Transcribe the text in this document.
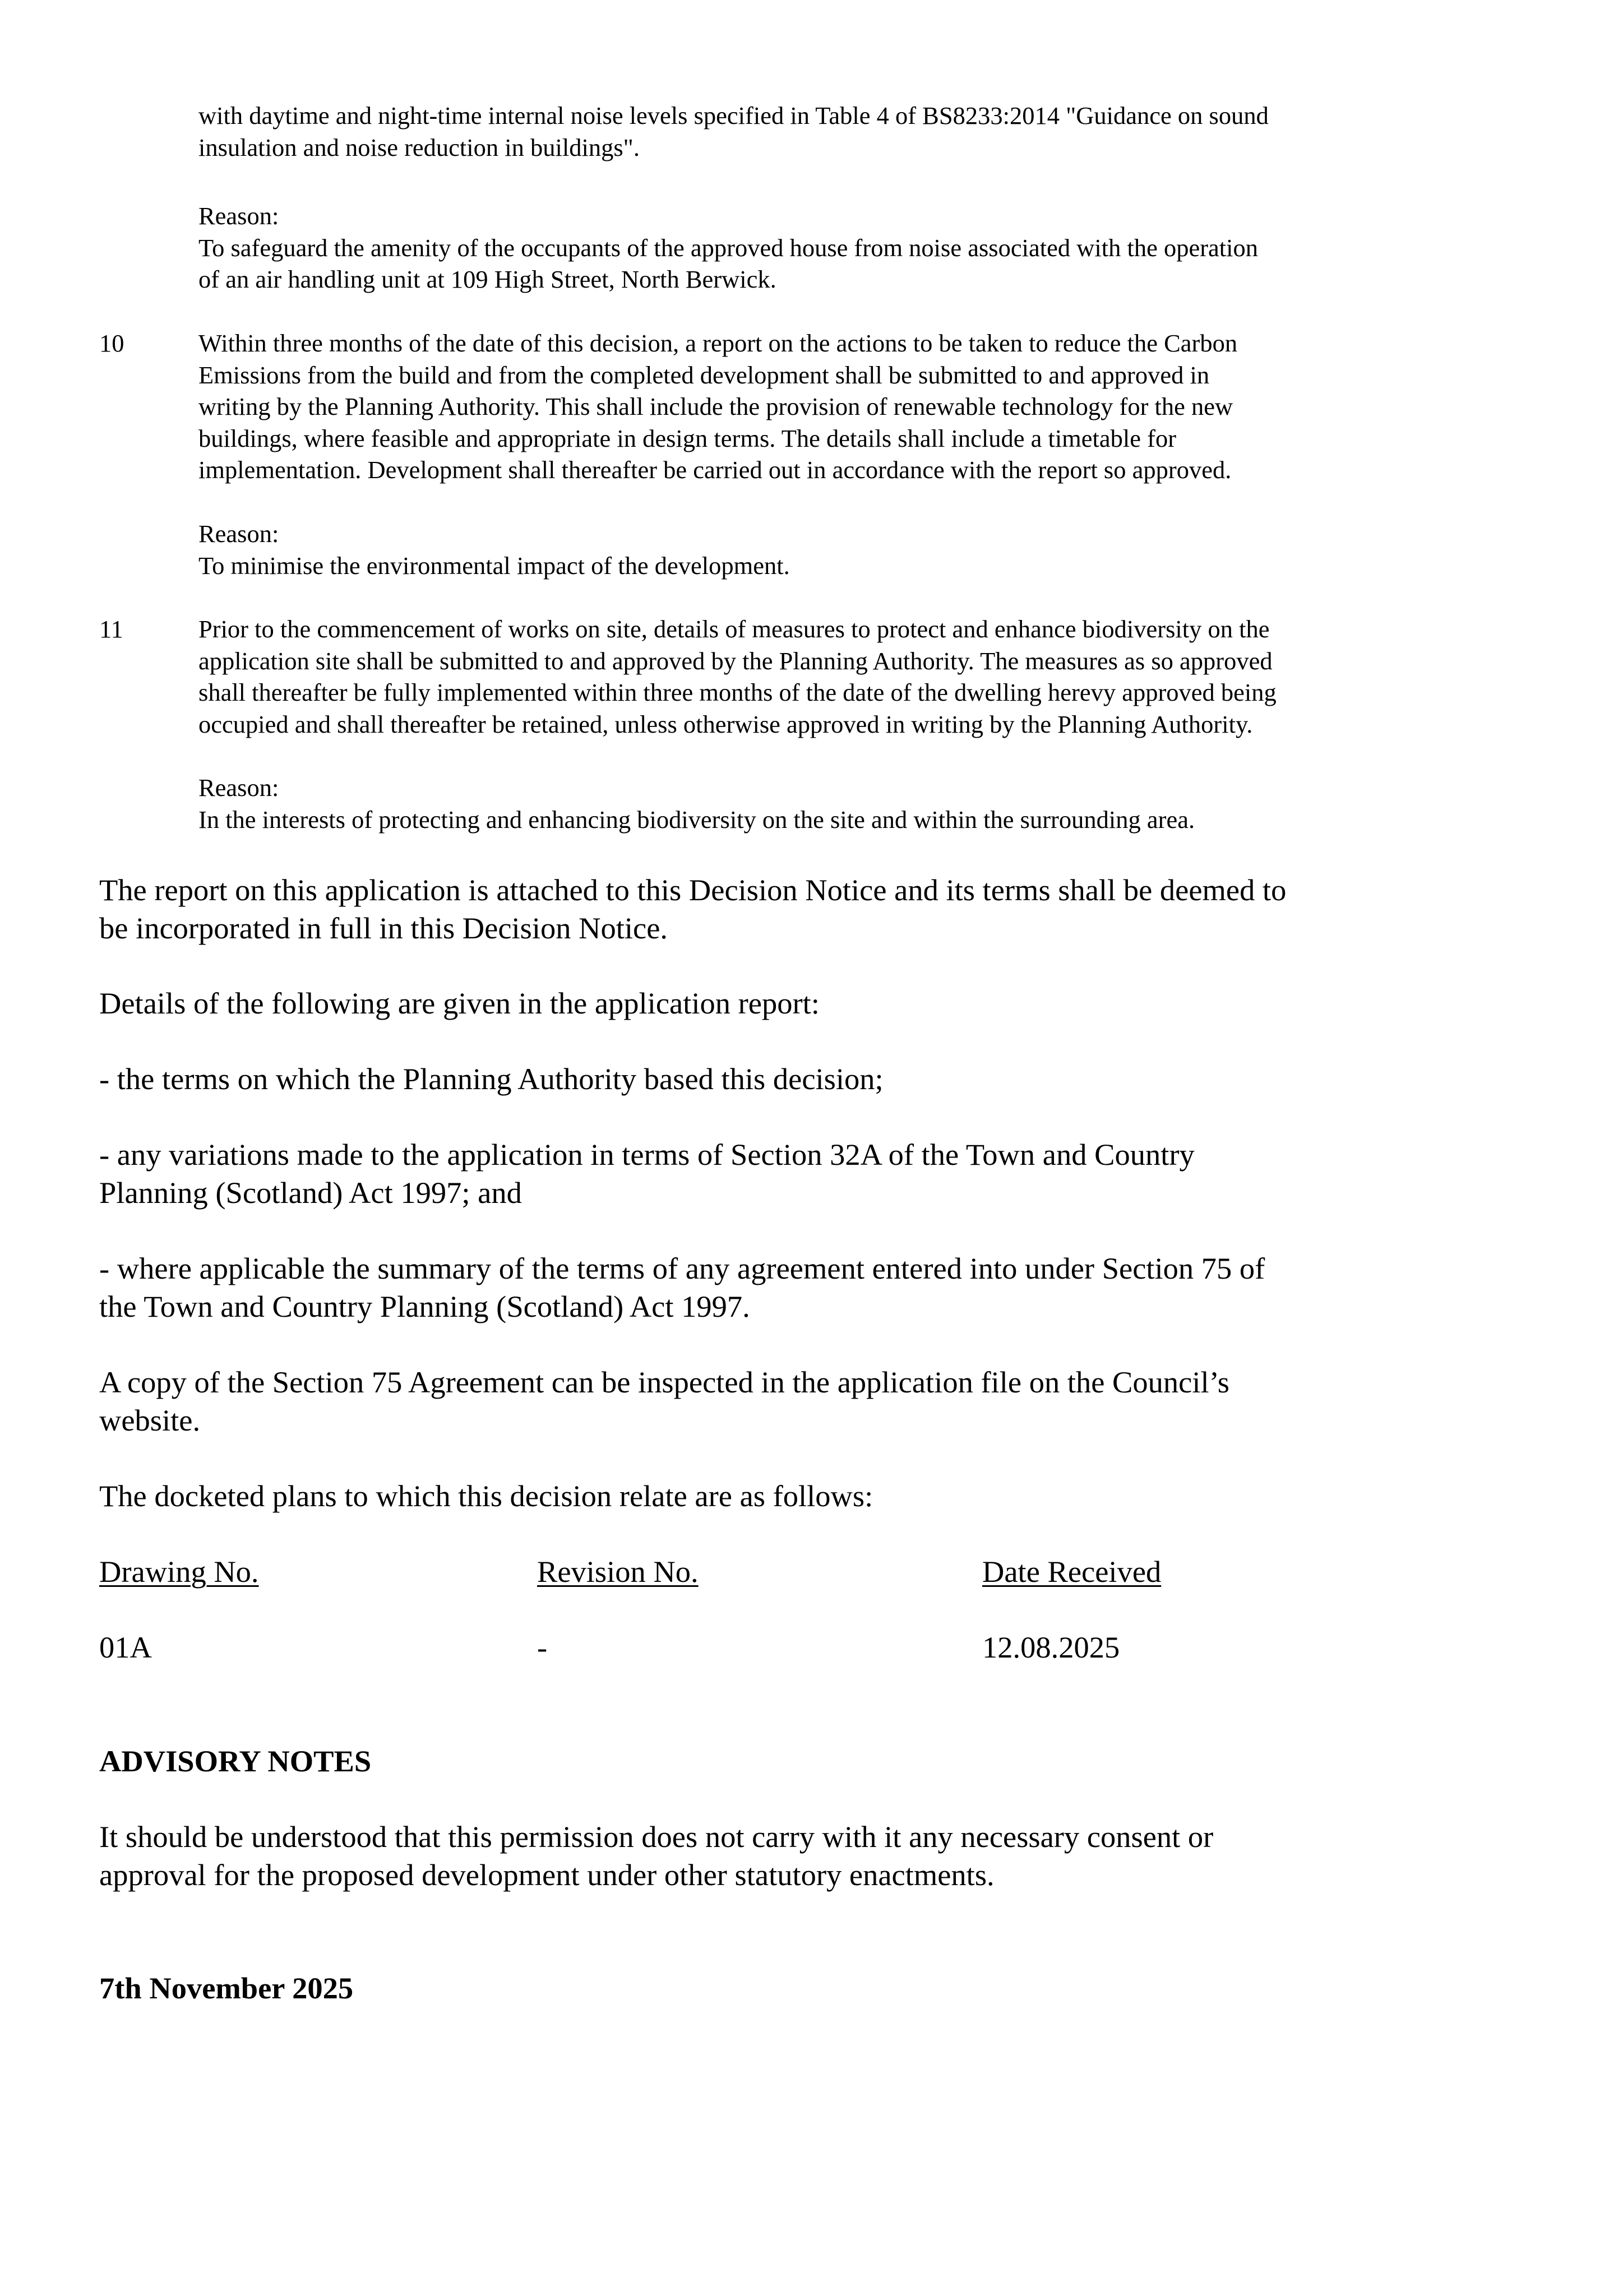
with daytime and night-time internal noise levels specified in Table 4 of BS8233:2014 "Guidance on sound
insulation and noise reduction in buildings".

Reason:
To safeguard the amenity of the occupants of the approved house from noise associated with the operation
of an air handling unit at 109 High Street, North Berwick.

10	Within three months of the date of this decision, a report on the actions to be taken to reduce the Carbon
Emissions from the build and from the completed development shall be submitted to and approved in
writing by the Planning Authority. This shall include the provision of renewable technology for the new
buildings, where feasible and appropriate in design terms. The details shall include a timetable for
implementation. Development shall thereafter be carried out in accordance with the report so approved.

Reason:
To minimise the environmental impact of the development.

11	Prior to the commencement of works on site, details of measures to protect and enhance biodiversity on the
application site shall be submitted to and approved by the Planning Authority. The measures as so approved
shall thereafter be fully implemented within three months of the date of the dwelling herevy approved being
occupied and shall thereafter be retained, unless otherwise approved in writing by the Planning Authority.

Reason:
In the interests of protecting and enhancing biodiversity on the site and within the surrounding area.

The report on this application is attached to this Decision Notice and its terms shall be deemed to
be incorporated in full in this Decision Notice.

Details of the following are given in the application report:

- the terms on which the Planning Authority based this decision;

- any variations made to the application in terms of Section 32A of the Town and Country
Planning (Scotland) Act 1997; and

- where applicable the summary of the terms of any agreement entered into under Section 75 of
the Town and Country Planning (Scotland) Act 1997.

A copy of the Section 75 Agreement can be inspected in the application file on the Council’s
website.

The docketed plans to which this decision relate are as follows:

Drawing No.	Revision No.	Date Received

01A	-	12.08.2025

ADVISORY NOTES

It should be understood that this permission does not carry with it any necessary consent or
approval for the proposed development under other statutory enactments.

7th November 2025
